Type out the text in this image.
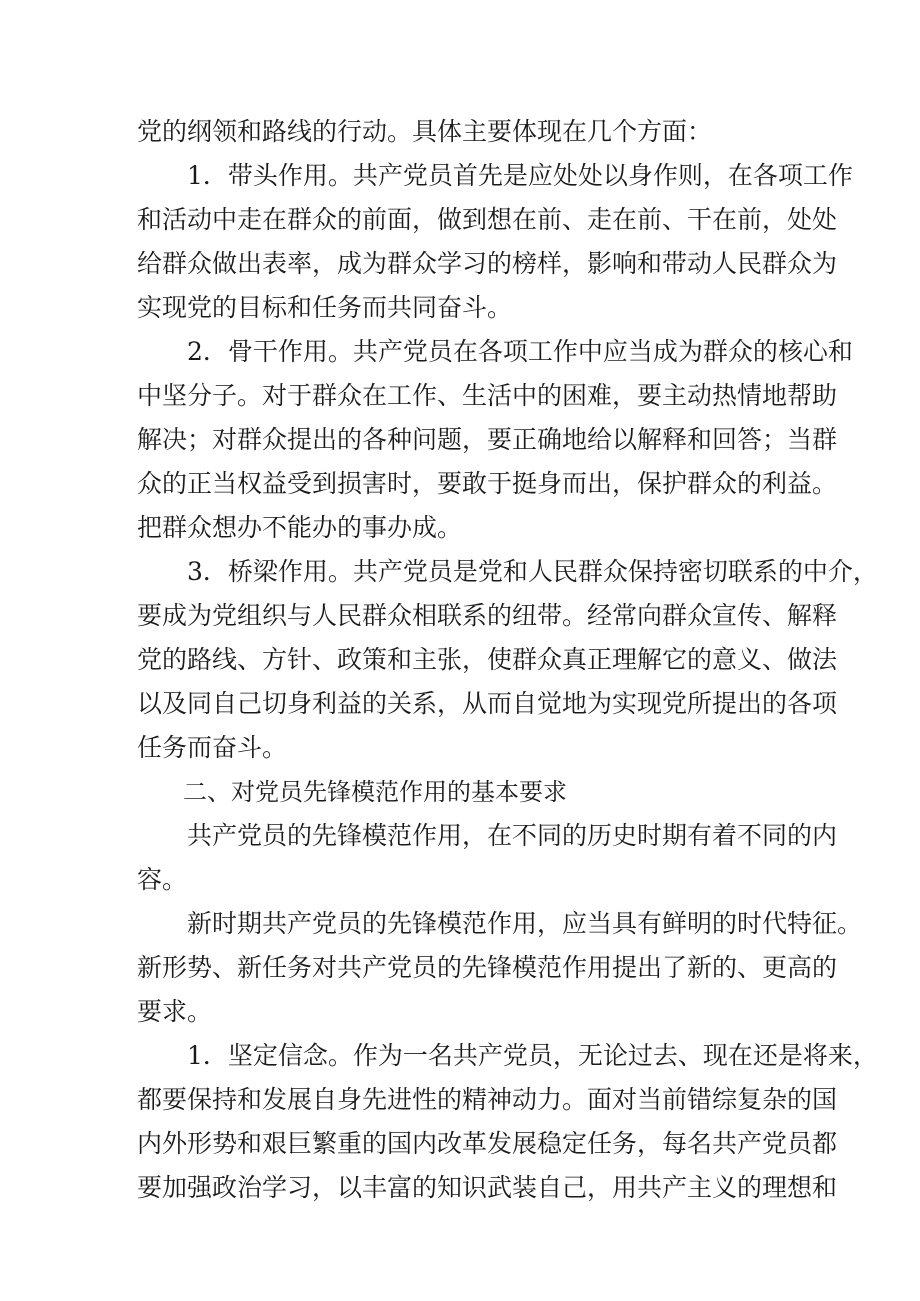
党的纲领和路线的行动。具体主要体现在几个方面：
1．带头作用。共产党员首先是应处处以身作则，在各项工作
和活动中走在群众的前面，做到想在前、走在前、干在前，处处
给群众做出表率，成为群众学习的榜样，影响和带动人民群众为
实现党的目标和任务而共同奋斗。
2．骨干作用。共产党员在各项工作中应当成为群众的核心和
中坚分子。对于群众在工作、生活中的困难，要主动热情地帮助
解决；对群众提出的各种问题，要正确地给以解释和回答；当群
众的正当权益受到损害时，要敢于挺身而出，保护群众的利益。
把群众想办不能办的事办成。
3．桥梁作用。共产党员是党和人民群众保持密切联系的中介，
要成为党组织与人民群众相联系的纽带。经常向群众宣传、解释
党的路线、方针、政策和主张，使群众真正理解它的意义、做法
以及同自己切身利益的关系，从而自觉地为实现党所提出的各项
任务而奋斗。
二、对党员先锋模范作用的基本要求
共产党员的先锋模范作用，在不同的历史时期有着不同的内
容。
新时期共产党员的先锋模范作用，应当具有鲜明的时代特征。
新形势、新任务对共产党员的先锋模范作用提出了新的、更高的
要求。
1．坚定信念。作为一名共产党员，无论过去、现在还是将来，
都要保持和发展自身先进性的精神动力。面对当前错综复杂的国
内外形势和艰巨繁重的国内改革发展稳定任务，每名共产党员都
要加强政治学习，以丰富的知识武装自己，用共产主义的理想和
